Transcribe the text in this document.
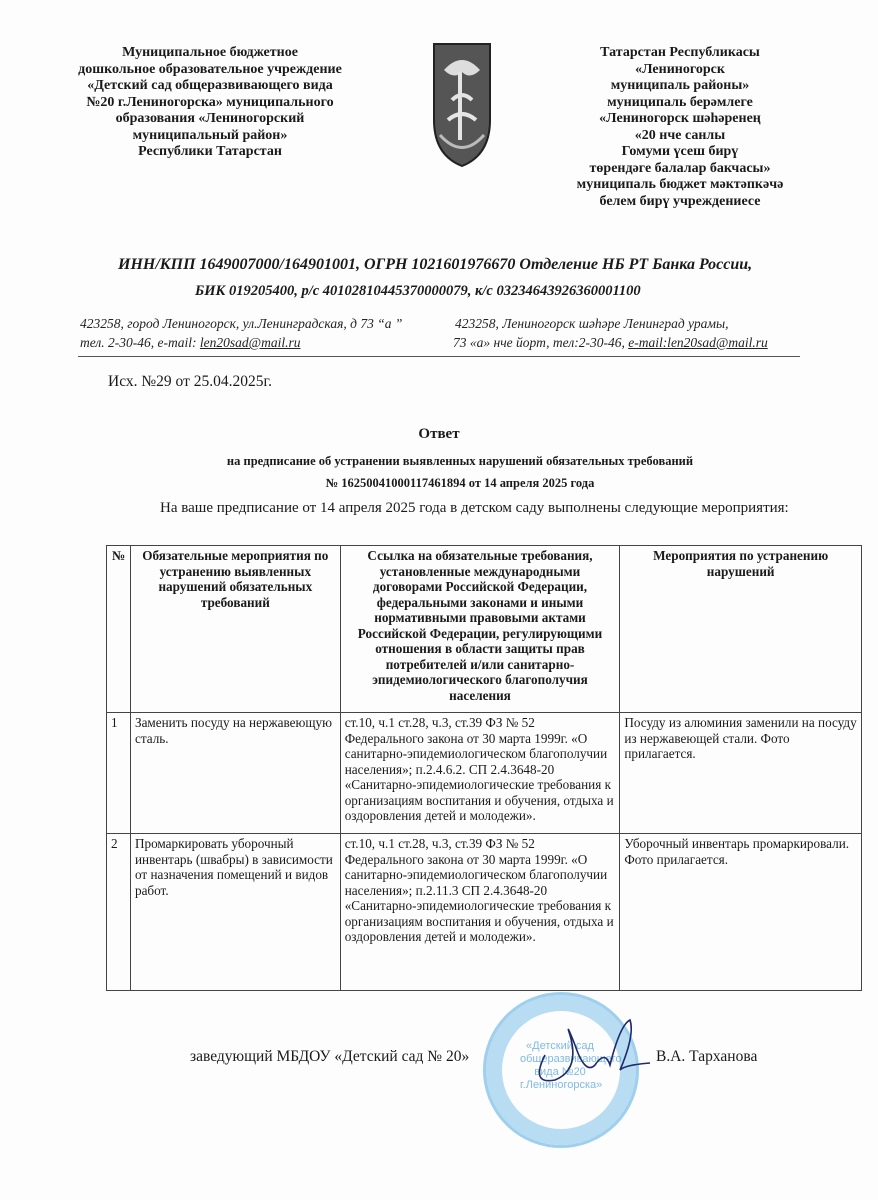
Муниципальное бюджетное
дошкольное образовательное учреждение
«Детский сад общеразвивающего вида
№20 г.Лениногорска» муниципального
образования «Лениногорский
муниципальный район»
Республики Татарстан
Татарстан Республикасы
«Лениногорск
муниципаль районы»
муниципаль берәмлеге
«Лениногорск шәһәренең
«20 нче санлы
Гомуми үсеш бирү
төрендәге балалар бакчасы»
муниципаль бюджет мәктәпкәчә
белем бирү учреждениесе
ИНН/КПП 1649007000/164901001, ОГРН 1021601976670 Отделение НБ РТ Банка России,
БИК 019205400, р/с 40102810445370000079, к/с 03234643926360001100
423258, город Лениногорск, ул.Ленинградская, д 73 “а ”
тел. 2-30-46, e-mail: len20sad@mail.ru
423258, Лениногорск шәһәре Ленинград урамы,
73 «а» нче йорт, тел:2-30-46, e-mail:len20sad@mail.ru
Исх. №29 от 25.04.2025г.
Ответ
на предписание об устранении выявленных нарушений обязательных требований
№ 16250041000117461894 от 14 апреля 2025 года
На ваше предписание от 14 апреля 2025 года в детском саду выполнены следующие мероприятия:
№	Обязательные мероприятия по устранению выявленных нарушений обязательных требований	Ссылка на обязательные требования, установленные международными договорами Российской Федерации, федеральными законами и иными нормативными правовыми актами Российской Федерации, регулирующими отношения в области защиты прав потребителей и/или санитарно-эпидемиологического благополучия населения	Мероприятия по устранению нарушений
1	Заменить посуду на нержавеющую сталь.	ст.10, ч.1 ст.28, ч.3, ст.39 ФЗ № 52 Федерального закона от 30 марта 1999г. «О санитарно-эпидемиологическом благополучии населения»; п.2.4.6.2. СП 2.4.3648-20 «Санитарно-эпидемиологические требования к организациям воспитания и обучения, отдыха и оздоровления детей и молодежи».	Посуду из алюминия заменили на посуду из нержавеющей стали. Фото прилагается.
2	Промаркировать уборочный инвентарь (швабры) в зависимости от назначения помещений и видов работ.	ст.10, ч.1 ст.28, ч.3, ст.39 ФЗ № 52 Федерального закона от 30 марта 1999г. «О санитарно-эпидемиологическом благополучии населения»; п.2.11.3 СП 2.4.3648-20 «Санитарно-эпидемиологические требования к организациям воспитания и обучения, отдыха и оздоровления детей и молодежи».	Уборочный инвентарь промаркировали. Фото прилагается.
«Детский сад общеразвивающего вида №20 г.Лениногорска»
заведующий МБДОУ «Детский сад № 20»	В.А. Тарханова
